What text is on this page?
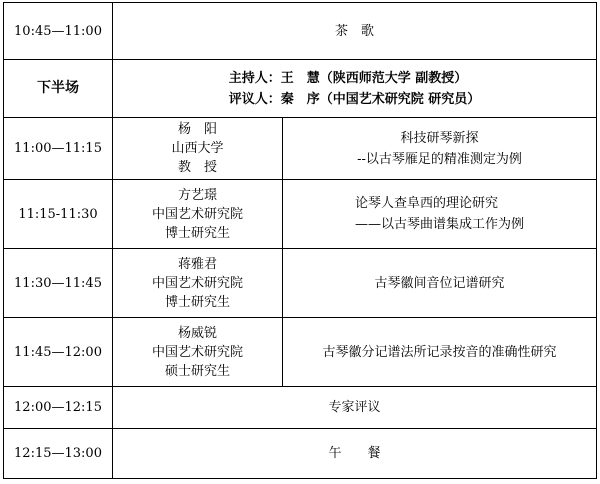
10:45—11:00	茶　歌	
下半场	主持人：王　慧（陕西师范大学 副教授）
评议人：秦　序（中国艺术研究院 研究员）	

11:00—11:15	杨　阳
山西大学
教　授	科技研琴新探
--以古琴雁足的精准测定为例

11:15-11:30	方艺璟
中国艺术研究院
博士研究生	论琴人查阜西的理论研究
——以古琴曲谱集成工作为例

11:30—11:45	蒋雅君
中国艺术研究院
博士研究生	古琴徽间音位记谱研究
11:45—12:00	杨威锐
中国艺术研究院
硕士研究生	古琴徽分记谱法所记录按音的准确性研究
12:00—12:15	专家评议	
12:15—13:00	午　　餐	
